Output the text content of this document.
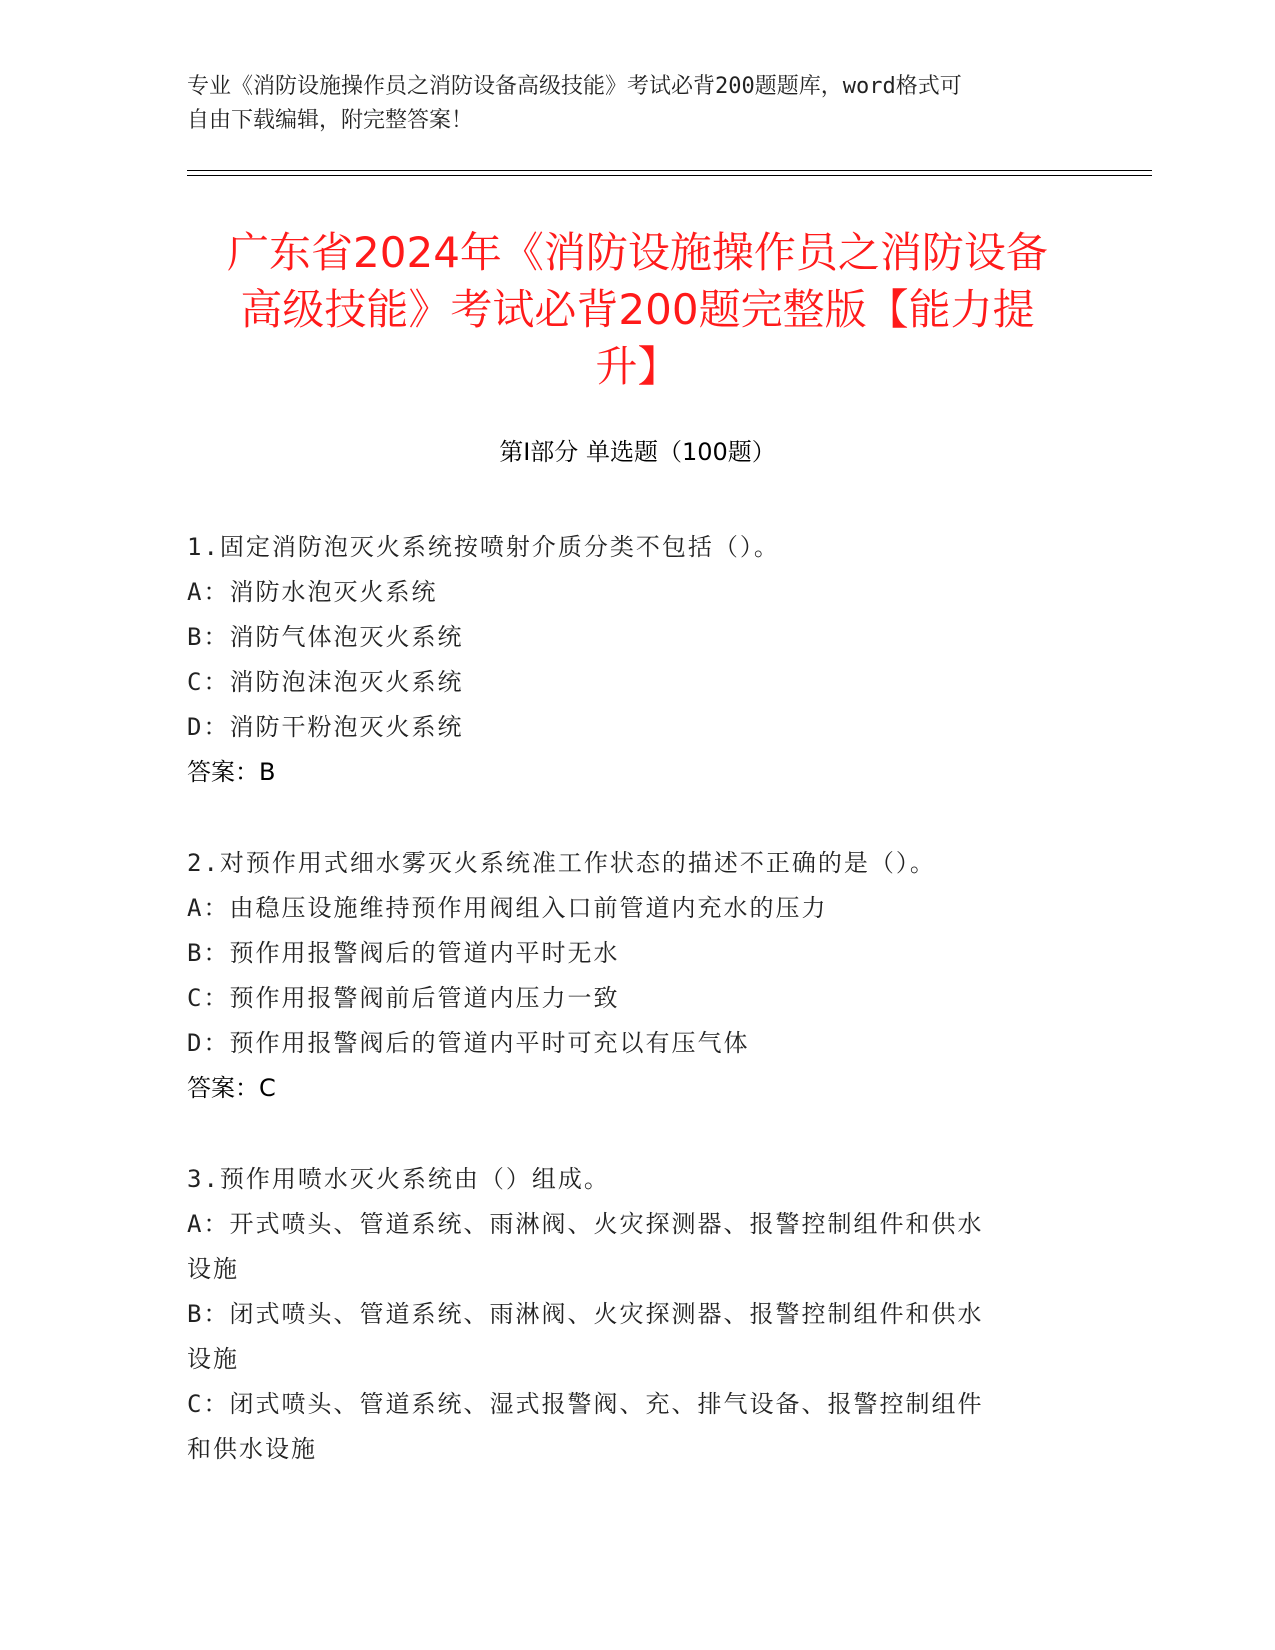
专业《消防设施操作员之消防设备高级技能》考试必背200题题库，word格式可
自由下载编辑，附完整答案！
广东省2024年《消防设施操作员之消防设备
高级技能》考试必背200题完整版【能力提
升】
第Ⅰ部分 单选题（100题）
1.固定消防泡灭火系统按喷射介质分类不包括（）。
A：消防水泡灭火系统
B：消防气体泡灭火系统
C：消防泡沫泡灭火系统
D：消防干粉泡灭火系统
答案：B
2.对预作用式细水雾灭火系统准工作状态的描述不正确的是（）。
A：由稳压设施维持预作用阀组入口前管道内充水的压力
B：预作用报警阀后的管道内平时无水
C：预作用报警阀前后管道内压力一致
D：预作用报警阀后的管道内平时可充以有压气体
答案：C
3.预作用喷水灭火系统由（）组成。
A：开式喷头、管道系统、雨淋阀、火灾探测器、报警控制组件和供水
设施
B：闭式喷头、管道系统、雨淋阀、火灾探测器、报警控制组件和供水
设施
C：闭式喷头、管道系统、湿式报警阀、充、排气设备、报警控制组件
和供水设施
